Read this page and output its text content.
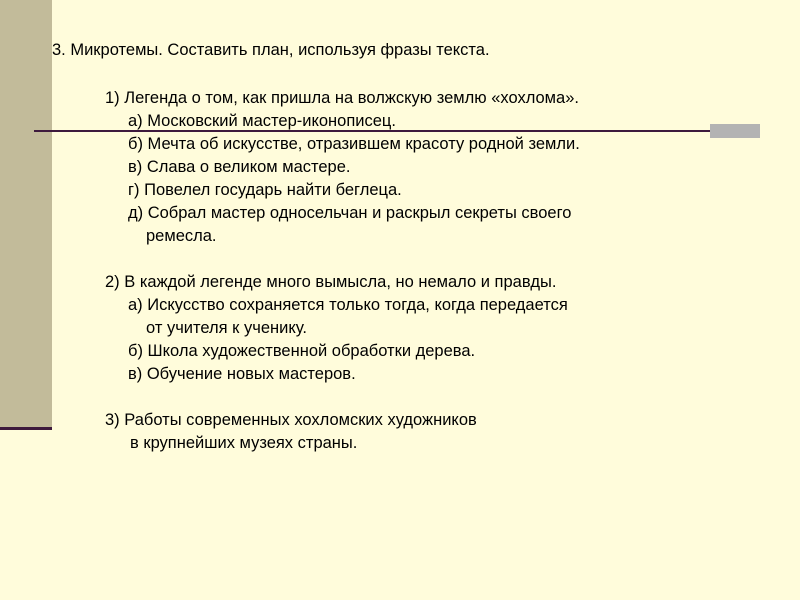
3. Микротемы. Составить план, используя фразы текста.
1) Легенда о том, как пришла на волжскую землю «хохлома».
а) Московский мастер-иконописец.
б) Мечта об искусстве, отразившем красоту родной земли.
в) Слава о великом мастере.
г) Повелел государь найти беглеца.
д) Собрал мастер односельчан и раскрыл секреты своего
ремесла.
2) В каждой легенде много вымысла, но немало и правды.
а) Искусство сохраняется только тогда, когда передается
от учителя к ученику.
б) Школа художественной обработки дерева.
в) Обучение новых мастеров.
3) Работы современных хохломских художников
в крупнейших музеях страны.
